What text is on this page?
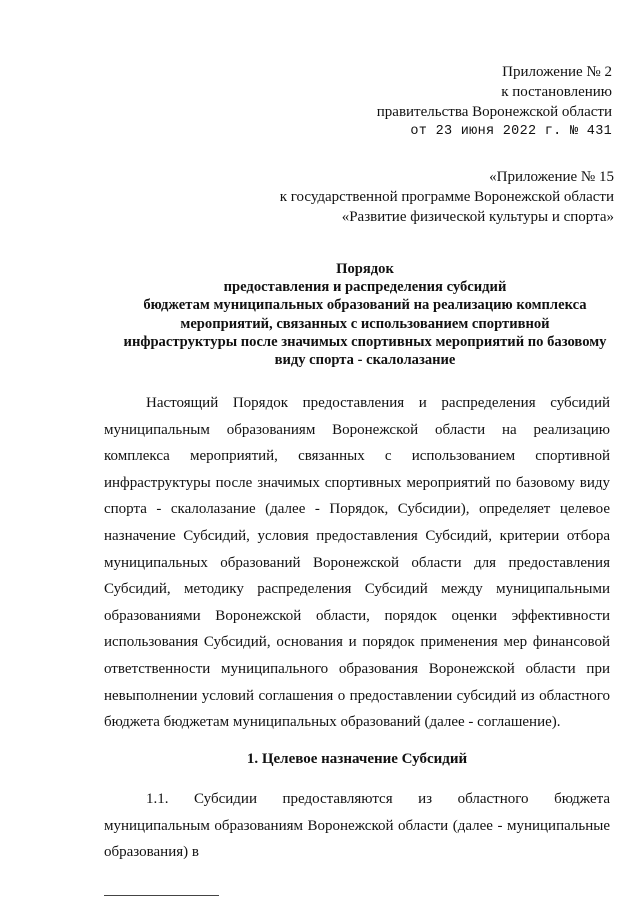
Приложение № 2
к постановлению
правительства Воронежской области
от 23 июня 2022 г. № 431
«Приложение № 15
к государственной программе Воронежской области
«Развитие физической культуры и спорта»
Порядок
предоставления и распределения субсидий
бюджетам муниципальных образований на реализацию комплекса
мероприятий, связанных с использованием спортивной
инфраструктуры после значимых спортивных мероприятий по базовому
виду спорта - скалолазание
Настоящий Порядок предоставления и распределения субсидий муниципальным образованиям Воронежской области на реализацию комплекса мероприятий, связанных с использованием спортивной инфраструктуры после значимых спортивных мероприятий по базовому виду спорта - скалолазание (далее - Порядок, Субсидии), определяет целевое назначение Субсидий, условия предоставления Субсидий, критерии отбора муниципальных образований Воронежской области для предоставления Субсидий, методику распределения Субсидий между муниципальными образованиями Воронежской области, порядок оценки эффективности использования Субсидий, основания и порядок применения мер финансовой ответственности муниципального образования Воронежской области при невыполнении условий соглашения о предоставлении субсидий из областного бюджета бюджетам муниципальных образований (далее - соглашение).
1. Целевое назначение Субсидий
1.1. Субсидии предоставляются из областного бюджета муниципальным образованиям Воронежской области (далее - муниципальные образования) в
